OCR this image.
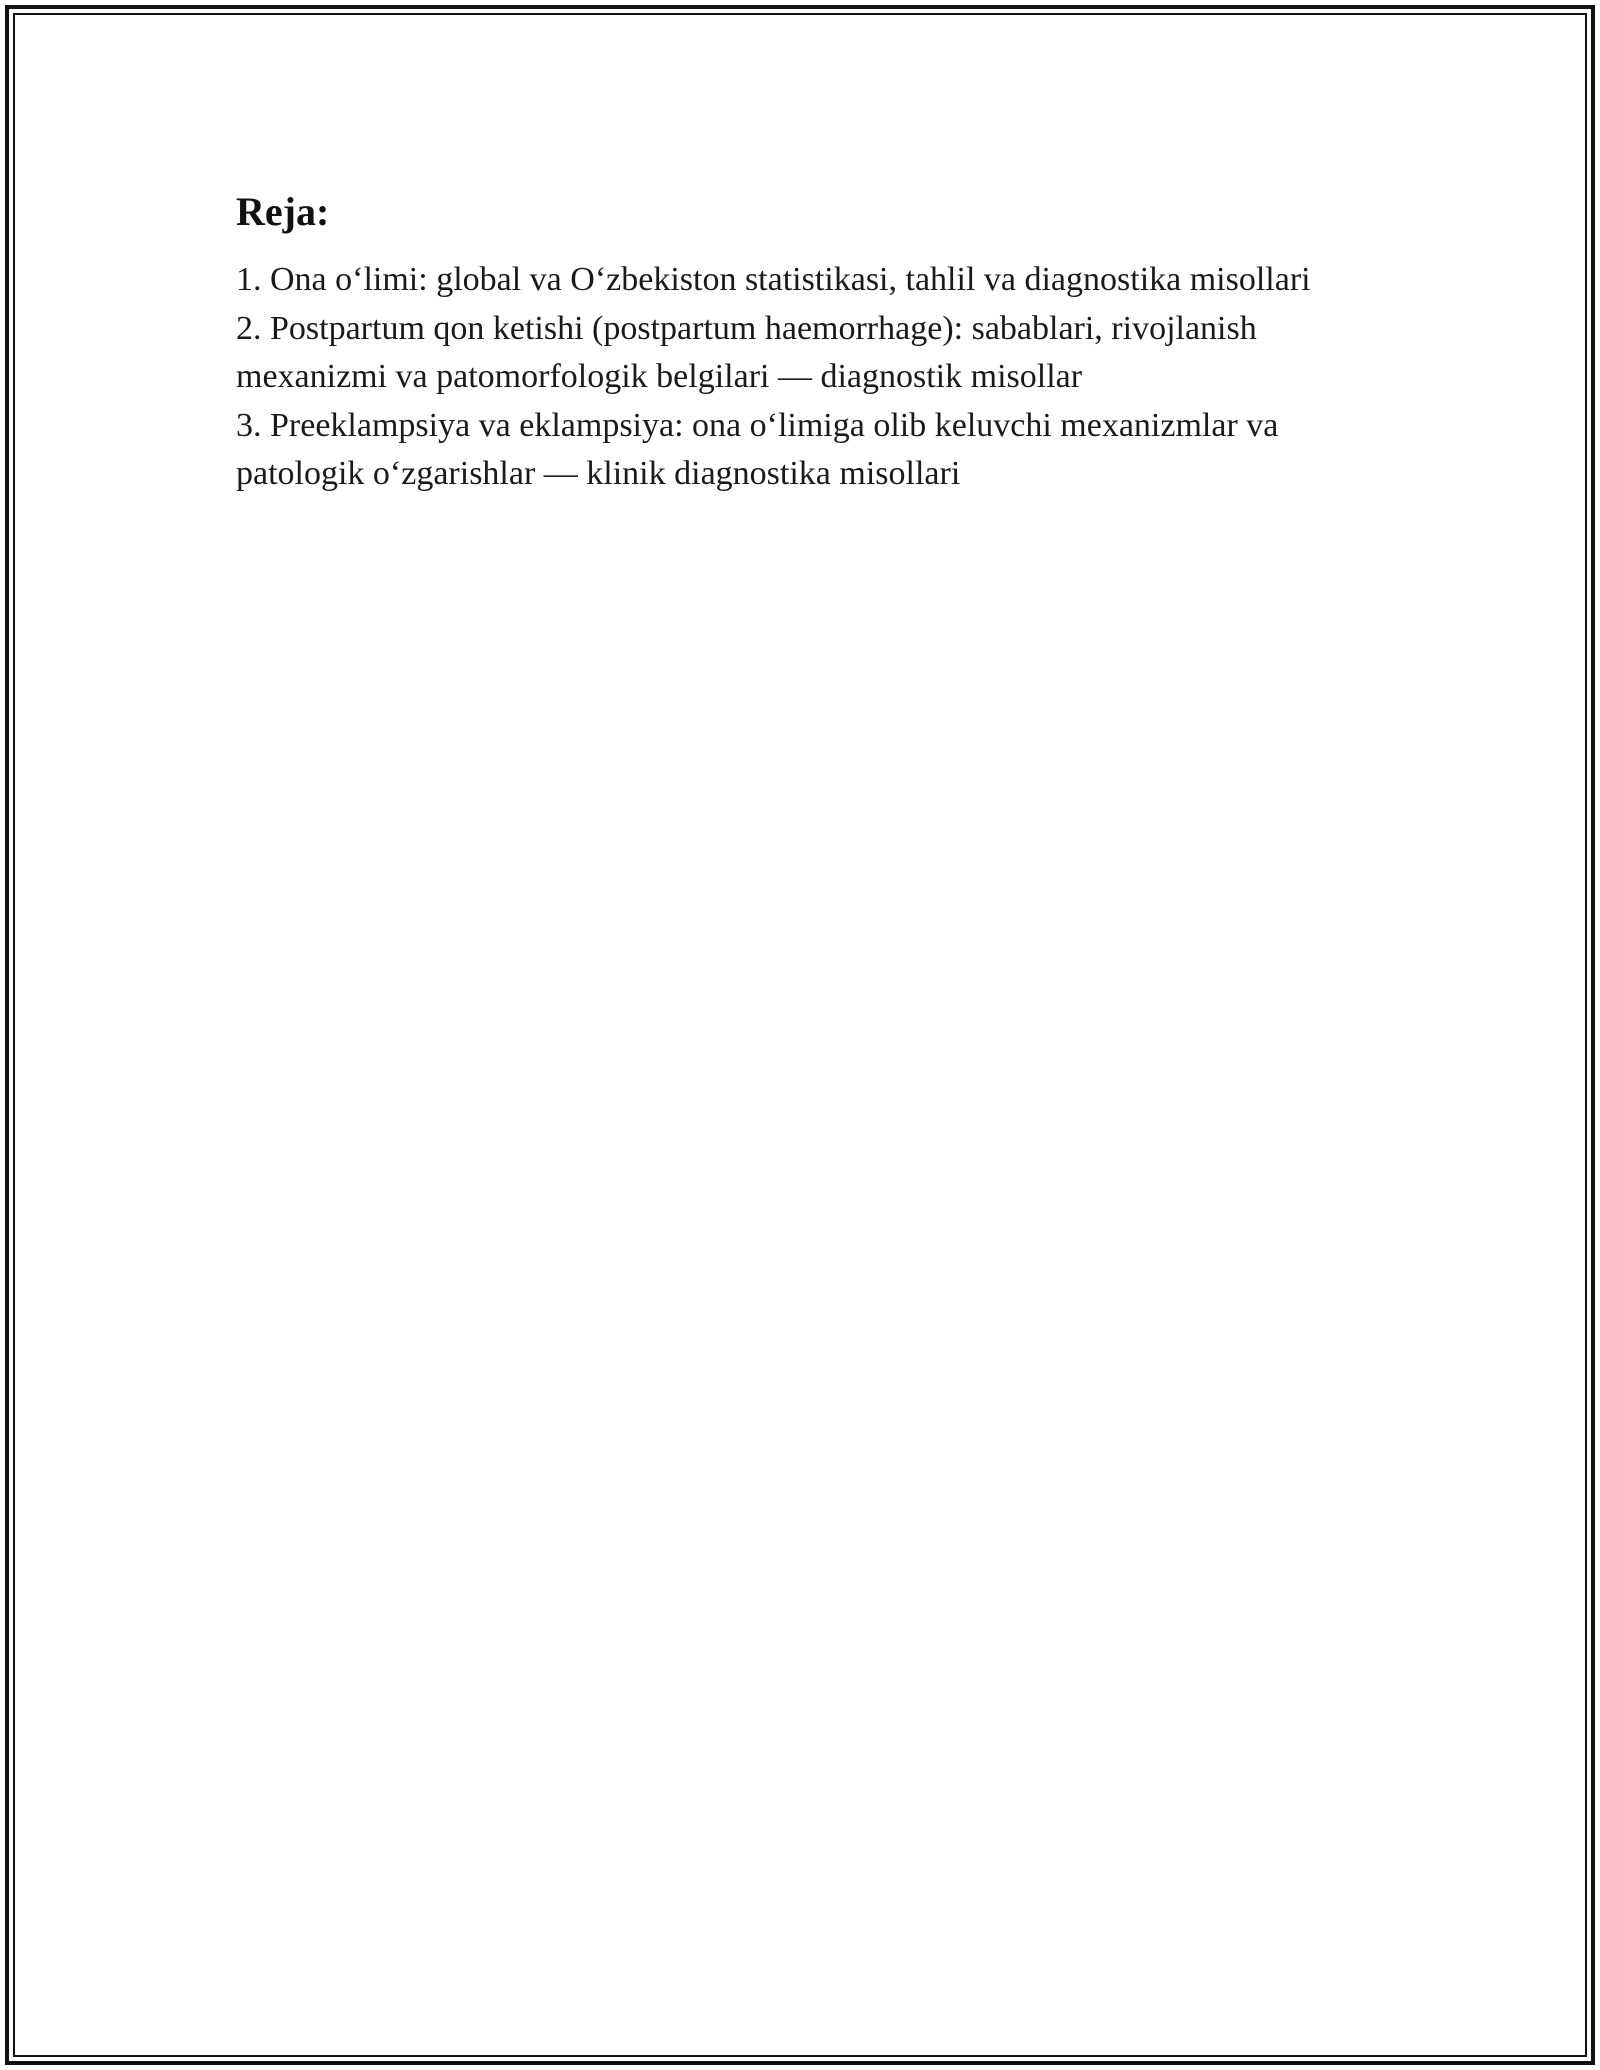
Reja:
1. Ona o‘limi: global va O‘zbekiston statistikasi, tahlil va diagnostika misollari
2. Postpartum qon ketishi (postpartum haemorrhage): sabablari, rivojlanish mexanizmi va patomorfologik belgilari — diagnostik misollar
3. Preeklampsiya va eklampsiya: ona o‘limiga olib keluvchi mexanizmlar va patologik o‘zgarishlar — klinik diagnostika misollari
